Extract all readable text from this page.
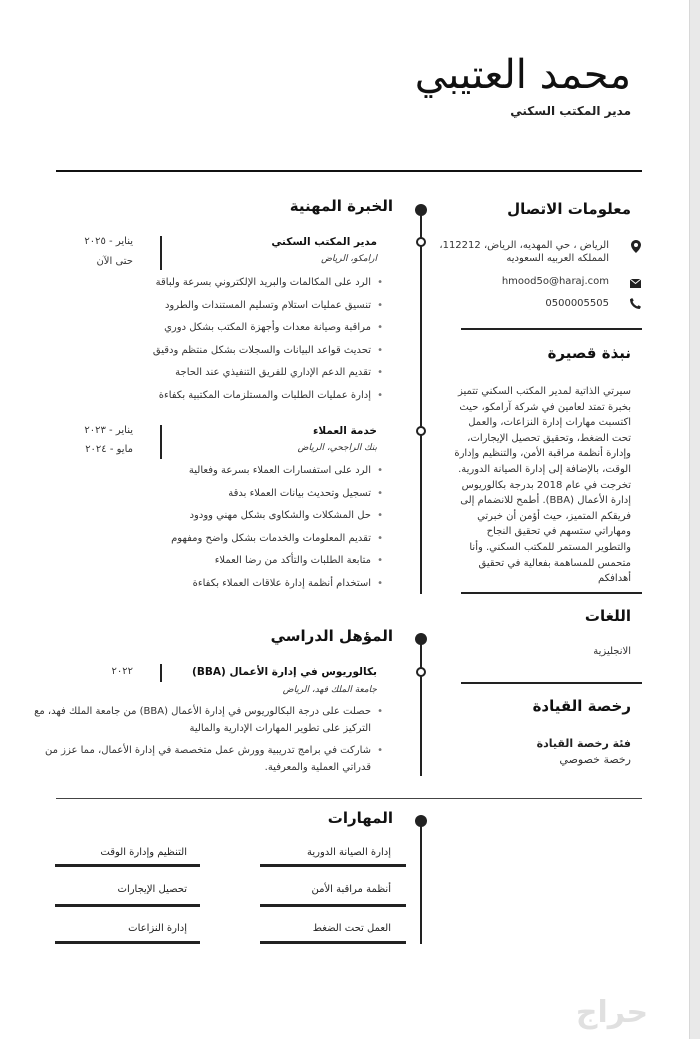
محمد العتيبي
مدير المكتب السكني
الخبرة المهنية
مدير المكتب السكني
ارامكو، الرياض
يناير - ٢٠٢٥
حتى الآن
• الرد على المكالمات والبريد الإلكتروني بسرعة ولباقة
• تنسيق عمليات استلام وتسليم المستندات والطرود
• مراقبة وصيانة معدات وأجهزة المكتب بشكل دوري
• تحديث قواعد البيانات والسجلات بشكل منتظم ودقيق
• تقديم الدعم الإداري للفريق التنفيذي عند الحاجة
• إدارة عمليات الطلبات والمستلزمات المكتبية بكفاءة
خدمة العملاء
بنك الراجحي، الرياض
يناير - ٢٠٢٣
مايو - ٢٠٢٤
• الرد على استفسارات العملاء بسرعة وفعالية
• تسجيل وتحديث بيانات العملاء بدقة
• حل المشكلات والشكاوى بشكل مهني وودود
• تقديم المعلومات والخدمات بشكل واضح ومفهوم
• متابعة الطلبات والتأكد من رضا العملاء
• استخدام أنظمة إدارة علاقات العملاء بكفاءة
المؤهل الدراسي
بكالوريوس في إدارة الأعمال (BBA)
جامعة الملك فهد، الرياض
٢٠٢٢
• حصلت على درجة البكالوريوس في إدارة الأعمال (BBA) من جامعة الملك فهد، مع التركيز على تطوير المهارات الإدارية والمالية
• شاركت في برامج تدريبية وورش عمل متخصصة في إدارة الأعمال، مما عزز من قدراتي العملية والمعرفية.
المهارات
إدارة الصيانة الدورية
التنظيم وإدارة الوقت
أنظمة مراقبة الأمن
تحصيل الإيجارات
العمل تحت الضغط
إدارة النزاعات
معلومات الاتصال
الرياض ، حي المهديه، الرياض، 112212،
المملكه العربيه السعوديه
hmood5o@haraj.com
0500005505
نبذة قصيرة
سيرتي الذاتية لمدير المكتب السكني تتميز بخبرة تمتد لعامين في شركة آرامكو، حيث اكتسبت مهارات إدارة النزاعات، والعمل تحت الضغط، وتحقيق تحصيل الإيجارات، وإدارة أنظمة مراقبة الأمن، والتنظيم وإدارة الوقت، بالإضافة إلى إدارة الصيانة الدورية. تخرجت في عام 2018 بدرجة بكالوريوس إدارة الأعمال (BBA). أطمح للانضمام إلى فريقكم المتميز، حيث أؤمن أن خبرتي ومهاراتي ستسهم في تحقيق النجاح والتطوير المستمر للمكتب السكني. وأنا متحمس للمساهمة بفعالية في تحقيق أهدافكم
اللغات
الانجليزية
رخصة القيادة
فئة رخصة القيادة
رخصة خصوصي
حراج
